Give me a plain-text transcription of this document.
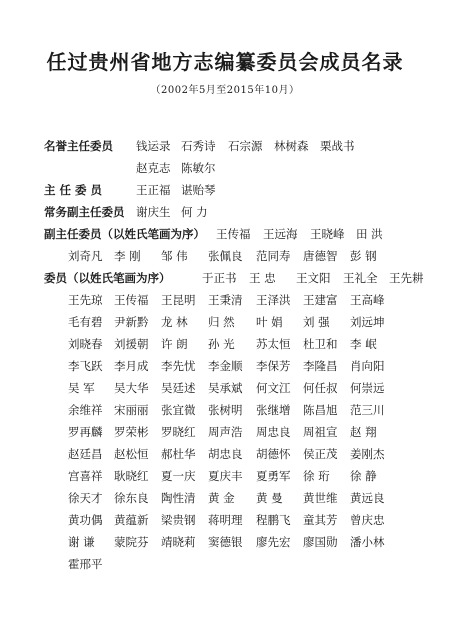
任过贵州省地方志编纂委员会成员名录
（2002年5月至2015年10月）
名誉主任委员 钱运录 石秀诗 石宗源 林树森 栗战书
赵克志 陈敏尔
主 任 委 员	王正福 谌贻琴
常务副主任委员 谢庆生 何 力
副主任委员（以姓氏笔画为序） 王传福 王远海 王晓峰 田 洪
刘奇凡 李 刚 邹 伟 张佩良 范同寿 唐德智 彭 钢
委员（以姓氏笔画为序）	于正书 王 忠 王文阳 王礼全 王先耕
王先琼 王传福 王昆明 王秉清 王泽洪 王建富 王高峰
毛有碧 尹新黔 龙 林 归 然 叶 娟 刘 强 刘远坤
刘晓春 刘援朝 许 朗 孙 光 苏太恒 杜卫和 李 岷
李飞跃 李月成 李先忧 李金顺 李保芳 李隆昌 肖向阳
吴 军 吴大华 吴廷述 吴承斌 何文江 何任叔 何崇远
余维祥 宋丽丽 张宜微 张树明 张继增 陈昌旭 范三川
罗再麟 罗荣彬 罗晓红 周声浩 周忠良 周祖宣 赵 翔
赵廷昌 赵松恒 郝杜华 胡忠良 胡德怀 侯正茂 姜刚杰
宫喜祥 耿晓红 夏一庆 夏庆丰 夏勇军 徐 珩 徐 静
徐天才 徐东良 陶性清 黄 金 黄 曼 黄世维 黄远良
黄功偶 黄蕴新 梁贵钢 蒋明理 程鹏飞 童其芳 曾庆忠
谢 谦 蒙院芬 靖晓莉 窦德银 廖先宏 廖国勋 潘小林
霍邢平
